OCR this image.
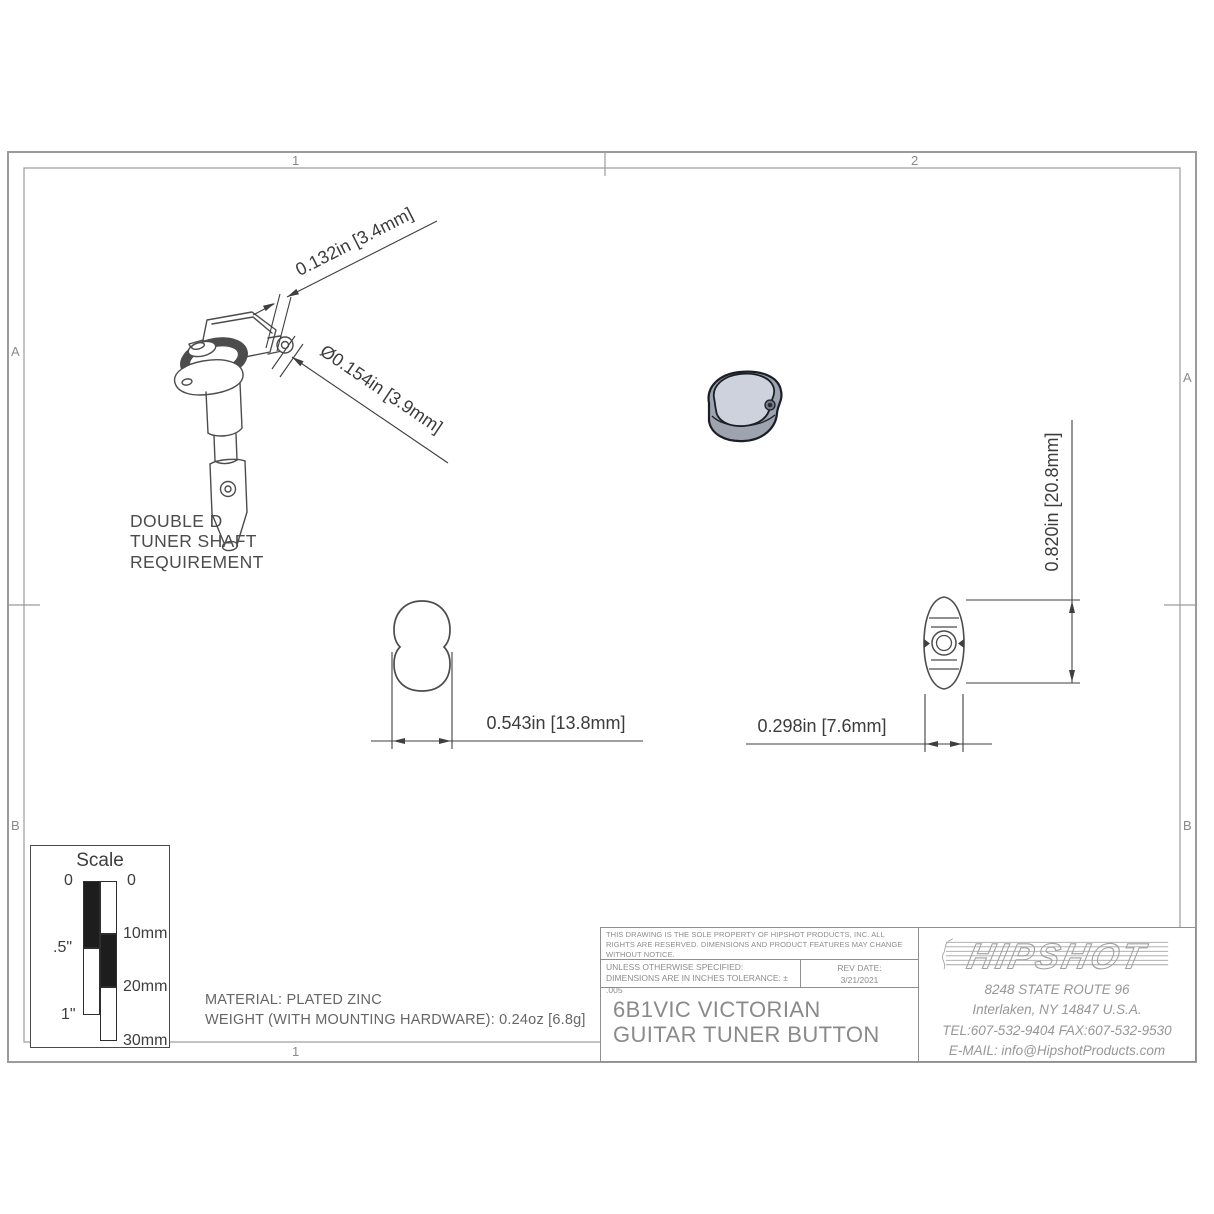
0.132in [3.4mm]
Ø0.154in [3.9mm]
0.820in [20.8mm]
0.543in [13.8mm]	0.298in [7.6mm]
1	2
1
A
B
A
B
DOUBLE D
TUNER SHAFT
REQUIREMENT
Scale
0	0
.5"
1"
10mm
20mm
30mm
MATERIAL: PLATED ZINC
WEIGHT (WITH MOUNTING HARDWARE): 0.24oz [6.8g]
THIS DRAWING IS THE SOLE PROPERTY OF HIPSHOT PRODUCTS, INC. ALL RIGHTS ARE RESERVED. DIMENSIONS AND PRODUCT FEATURES MAY CHANGE WITHOUT NOTICE.
UNLESS OTHERWISE SPECIFIED: DIMENSIONS ARE IN INCHES TOLERANCE: ± .005
REV DATE:
3/21/2021
6B1VIC VICTORIAN GUITAR TUNER BUTTON
HIPSHOT
8248 STATE ROUTE 96
Interlaken, NY 14847 U.S.A.
TEL:607-532-9404 FAX:607-532-9530
E-MAIL: info@HipshotProducts.com
